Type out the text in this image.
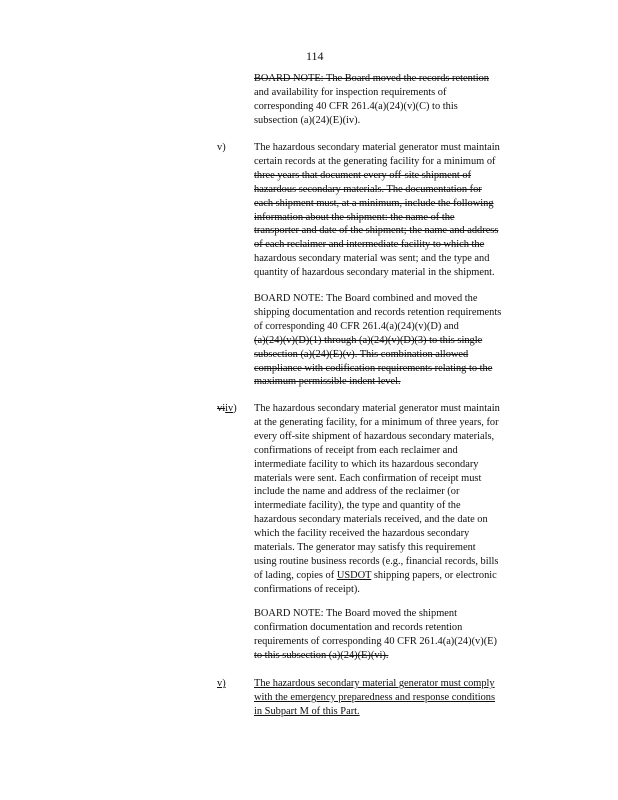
114
BOARD NOTE: The Board moved the records retention
and availability for inspection requirements of
corresponding 40 CFR 261.4(a)(24)(v)(C) to this
subsection (a)(24)(E)(iv).
v)	The hazardous secondary material generator must maintain
certain records at the generating facility for a minimum of
three years that document every off-site shipment of
hazardous secondary materials. The documentation for
each shipment must, at a minimum, include the following
information about the shipment: the name of the
transporter and date of the shipment; the name and address
of each reclaimer and intermediate facility to which the
hazardous secondary material was sent; and the type and
quantity of hazardous secondary material in the shipment.
BOARD NOTE: The Board combined and moved the
shipping documentation and records retention requirements
of corresponding 40 CFR 261.4(a)(24)(v)(D) and
(a)(24)(v)(D)(1) through (a)(24)(v)(D)(3) to this single
subsection (a)(24)(E)(v). This combination allowed
compliance with codification requirements relating to the
maximum permissible indent level.
viiv) The hazardous secondary material generator must maintain
at the generating facility, for a minimum of three years, for
every off-site shipment of hazardous secondary materials,
confirmations of receipt from each reclaimer and
intermediate facility to which its hazardous secondary
materials were sent. Each confirmation of receipt must
include the name and address of the reclaimer (or
intermediate facility), the type and quantity of the
hazardous secondary materials received, and the date on
which the facility received the hazardous secondary
materials. The generator may satisfy this requirement
using routine business records (e.g., financial records, bills
of lading, copies of USDOT shipping papers, or electronic
confirmations of receipt).
BOARD NOTE: The Board moved the shipment
confirmation documentation and records retention
requirements of corresponding 40 CFR 261.4(a)(24)(v)(E)
to this subsection (a)(24)(E)(vi).
v)	The hazardous secondary material generator must comply
with the emergency preparedness and response conditions
in Subpart M of this Part.
